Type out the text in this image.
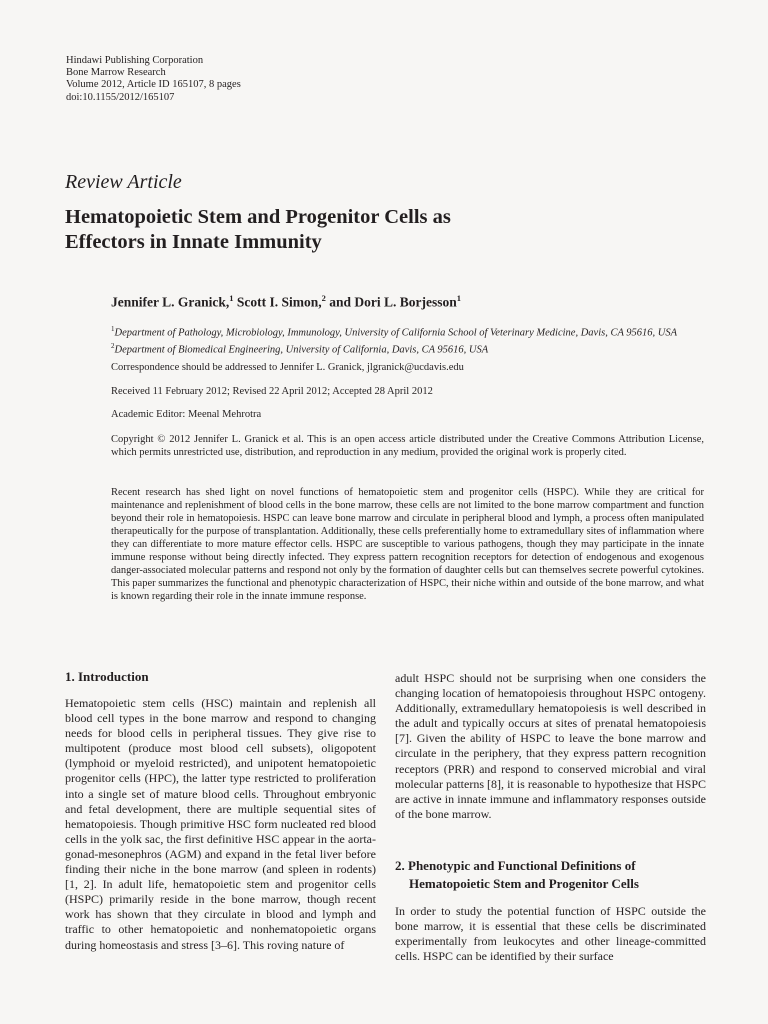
Hindawi Publishing Corporation
Bone Marrow Research
Volume 2012, Article ID 165107, 8 pages
doi:10.1155/2012/165107
Review Article
Hematopoietic Stem and Progenitor Cells as
Effectors in Innate Immunity
Jennifer L. Granick,$^1$ Scott I. Simon,$^2$ and Dori L. Borjesson$^1$
$^1$Department of Pathology, Microbiology, Immunology, University of California School of Veterinary Medicine, Davis, CA 95616, USA
$^2$Department of Biomedical Engineering, University of California, Davis, CA 95616, USA
Correspondence should be addressed to Jennifer L. Granick, jlgranick@ucdavis.edu
Received 11 February 2012; Revised 22 April 2012; Accepted 28 April 2012
Academic Editor: Meenal Mehrotra
Copyright © 2012 Jennifer L. Granick et al. This is an open access article distributed under the Creative Commons Attribution License, which permits unrestricted use, distribution, and reproduction in any medium, provided the original work is properly cited.
Recent research has shed light on novel functions of hematopoietic stem and progenitor cells (HSPC). While they are critical for maintenance and replenishment of blood cells in the bone marrow, these cells are not limited to the bone marrow compartment and function beyond their role in hematopoiesis. HSPC can leave bone marrow and circulate in peripheral blood and lymph, a process often manipulated therapeutically for the purpose of transplantation. Additionally, these cells preferentially home to extramedullary sites of inflammation where they can differentiate to more mature effector cells. HSPC are susceptible to various pathogens, though they may participate in the innate immune response without being directly infected. They express pattern recognition receptors for detection of endogenous and exogenous danger-associated molecular patterns and respond not only by the formation of daughter cells but can themselves secrete powerful cytokines. This paper summarizes the functional and phenotypic characterization of HSPC, their niche within and outside of the bone marrow, and what is known regarding their role in the innate immune response.
1. Introduction
Hematopoietic stem cells (HSC) maintain and replenish all blood cell types in the bone marrow and respond to changing needs for blood cells in peripheral tissues. They give rise to multipotent (produce most blood cell subsets), oligopotent (lymphoid or myeloid restricted), and unipotent hematopoietic progenitor cells (HPC), the latter type restricted to proliferation into a single set of mature blood cells. Throughout embryonic and fetal development, there are multiple sequential sites of hematopoiesis. Though primitive HSC form nucleated red blood cells in the yolk sac, the first definitive HSC appear in the aorta-gonad-mesonephros (AGM) and expand in the fetal liver before finding their niche in the bone marrow (and spleen in rodents) [1, 2]. In adult life, hematopoietic stem and progenitor cells (HSPC) primarily reside in the bone marrow, though recent work has shown that they circulate in blood and lymph and traffic to other hematopoietic and nonhematopoietic organs during homeostasis and stress [3–6]. This roving nature of
adult HSPC should not be surprising when one considers the changing location of hematopoiesis throughout HSPC ontogeny. Additionally, extramedullary hematopoiesis is well described in the adult and typically occurs at sites of prenatal hematopoiesis [7]. Given the ability of HSPC to leave the bone marrow and circulate in the periphery, that they express pattern recognition receptors (PRR) and respond to conserved microbial and viral molecular patterns [8], it is reasonable to hypothesize that HSPC are active in innate immune and inflammatory responses outside of the bone marrow.
2. Phenotypic and Functional Definitions of
Hematopoietic Stem and Progenitor Cells
In order to study the potential function of HSPC outside the bone marrow, it is essential that these cells be discriminated experimentally from leukocytes and other lineage-committed cells. HSPC can be identified by their surface
